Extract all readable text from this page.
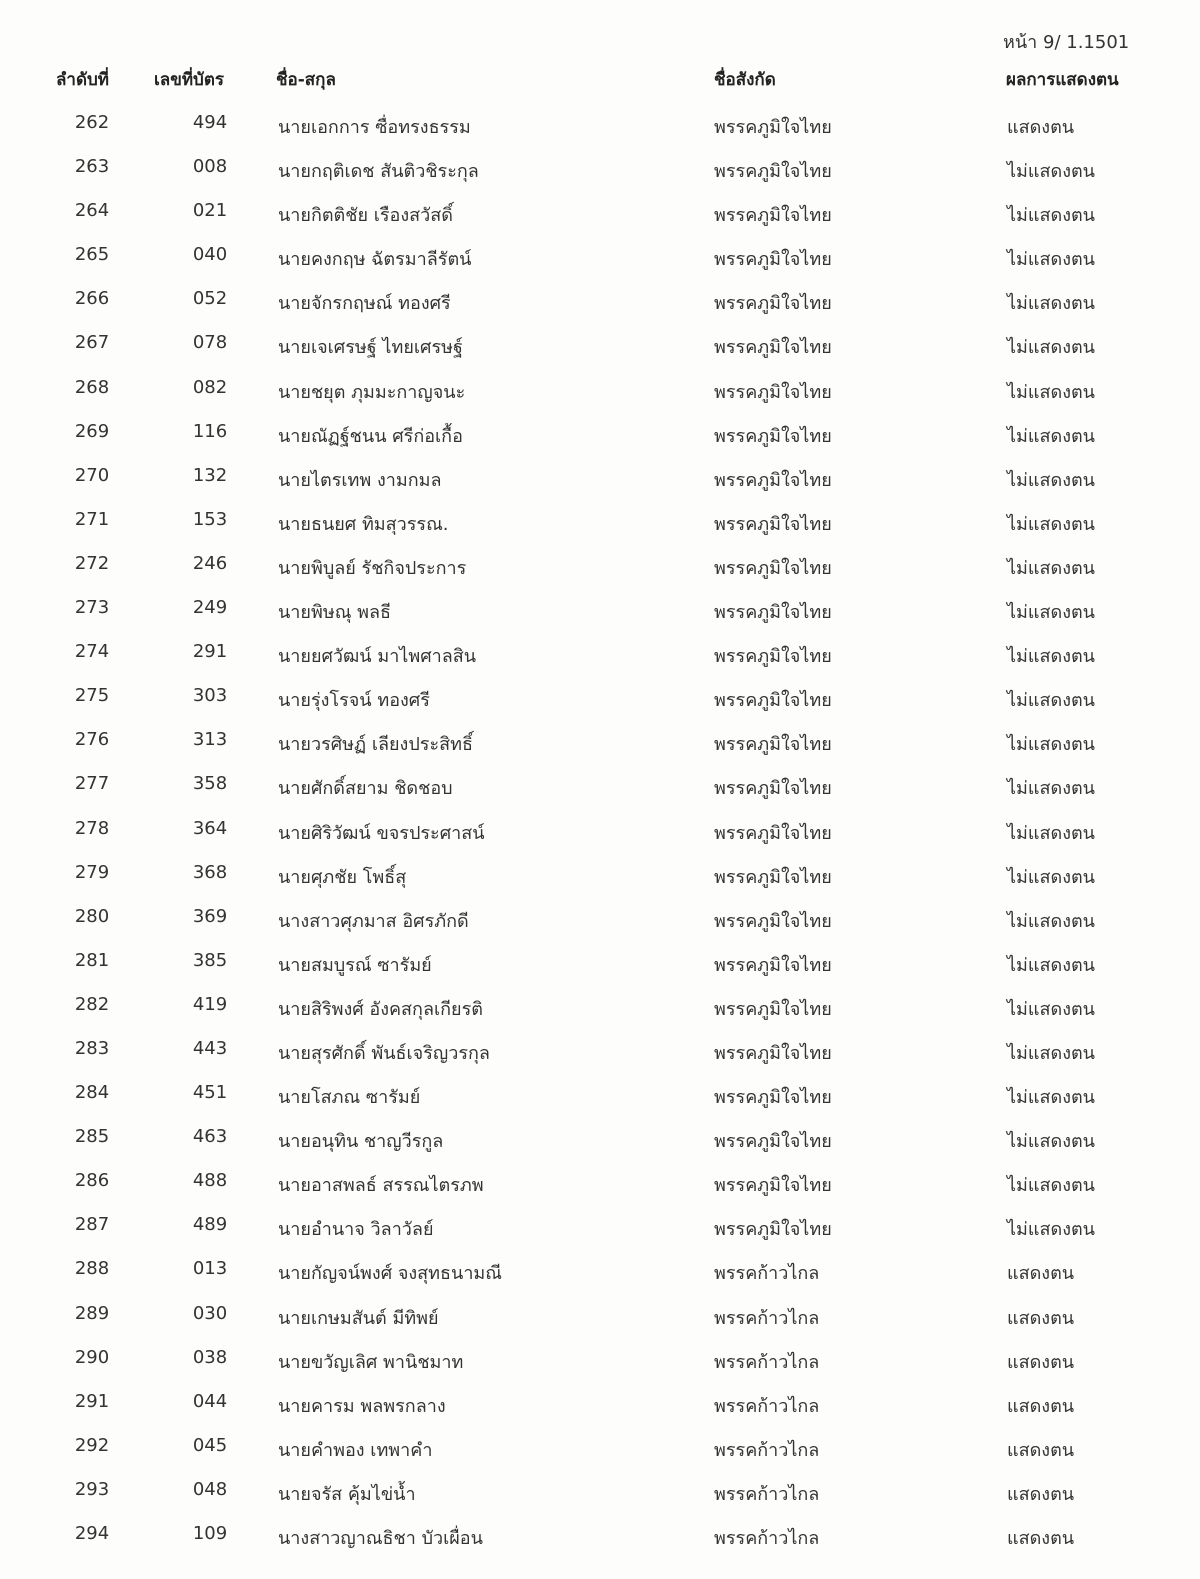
หน้า 9/ 1.1501
ลำดับที่	เลขที่บัตร	ชื่อ-สกุล	ชื่อสังกัด	ผลการแสดงตน
262	494	นายเอกการ ซื่อทรงธรรม	พรรคภูมิใจไทย	แสดงตน
263	008	นายกฤติเดช สันติวชิระกุล	พรรคภูมิใจไทย	ไม่แสดงตน
264	021	นายกิตติชัย เรืองสวัสดิ์	พรรคภูมิใจไทย	ไม่แสดงตน
265	040	นายคงกฤษ ฉัตรมาลีรัตน์	พรรคภูมิใจไทย	ไม่แสดงตน
266	052	นายจักรกฤษณ์ ทองศรี	พรรคภูมิใจไทย	ไม่แสดงตน
267	078	นายเจเศรษฐ์ ไทยเศรษฐ์	พรรคภูมิใจไทย	ไม่แสดงตน
268	082	นายชยุต ภุมมะกาญจนะ	พรรคภูมิใจไทย	ไม่แสดงตน
269	116	นายณัฏฐ์ชนน ศรีก่อเกื้อ	พรรคภูมิใจไทย	ไม่แสดงตน
270	132	นายไตรเทพ งามกมล	พรรคภูมิใจไทย	ไม่แสดงตน
271	153	นายธนยศ ทิมสุวรรณ.	พรรคภูมิใจไทย	ไม่แสดงตน
272	246	นายพิบูลย์ รัชกิจประการ	พรรคภูมิใจไทย	ไม่แสดงตน
273	249	นายพิษณุ พลธี	พรรคภูมิใจไทย	ไม่แสดงตน
274	291	นายยศวัฒน์ มาไพศาลสิน	พรรคภูมิใจไทย	ไม่แสดงตน
275	303	นายรุ่งโรจน์ ทองศรี	พรรคภูมิใจไทย	ไม่แสดงตน
276	313	นายวรศิษฏ์ เลียงประสิทธิ์	พรรคภูมิใจไทย	ไม่แสดงตน
277	358	นายศักดิ์สยาม ชิดชอบ	พรรคภูมิใจไทย	ไม่แสดงตน
278	364	นายศิริวัฒน์ ขจรประศาสน์	พรรคภูมิใจไทย	ไม่แสดงตน
279	368	นายศุภชัย โพธิ์สุ	พรรคภูมิใจไทย	ไม่แสดงตน
280	369	นางสาวศุภมาส อิศรภักดี	พรรคภูมิใจไทย	ไม่แสดงตน
281	385	นายสมบูรณ์ ซารัมย์	พรรคภูมิใจไทย	ไม่แสดงตน
282	419	นายสิริพงศ์ อังคสกุลเกียรติ	พรรคภูมิใจไทย	ไม่แสดงตน
283	443	นายสุรศักดิ์ พันธ์เจริญวรกุล	พรรคภูมิใจไทย	ไม่แสดงตน
284	451	นายโสภณ ซารัมย์	พรรคภูมิใจไทย	ไม่แสดงตน
285	463	นายอนุทิน ชาญวีรกูล	พรรคภูมิใจไทย	ไม่แสดงตน
286	488	นายอาสพลธ์ สรรณไตรภพ	พรรคภูมิใจไทย	ไม่แสดงตน
287	489	นายอำนาจ วิลาวัลย์	พรรคภูมิใจไทย	ไม่แสดงตน
288	013	นายกัญจน์พงศ์ จงสุทธนามณี	พรรคก้าวไกล	แสดงตน
289	030	นายเกษมสันต์ มีทิพย์	พรรคก้าวไกล	แสดงตน
290	038	นายขวัญเลิศ พานิชมาท	พรรคก้าวไกล	แสดงตน
291	044	นายคารม พลพรกลาง	พรรคก้าวไกล	แสดงตน
292	045	นายคำพอง เทพาคำ	พรรคก้าวไกล	แสดงตน
293	048	นายจรัส คุ้มไข่น้ำ	พรรคก้าวไกล	แสดงตน
294	109	นางสาวญาณธิชา บัวเผื่อน	พรรคก้าวไกล	แสดงตน
